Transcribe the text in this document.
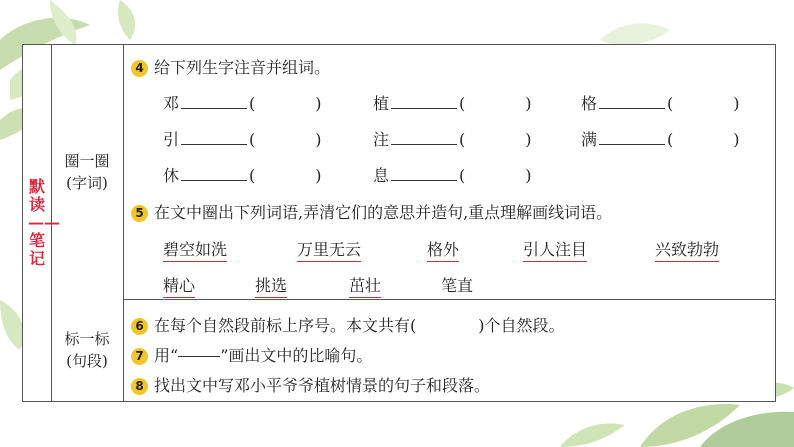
默读——笔记
圈一圈
(字词)
标一标
(句段)
4 给下列生字注音并组词。
邓	(	)	植	(	)	格	(	)
引	(	)	注	(	)	满	(	)
休	(	)	息	(	)
5 在文中圈出下列词语,弄清它们的意思并造句,重点理解画线词语。
碧空如洗	万里无云	格外	引人注目	兴致勃勃
精心	挑选	茁壮	笔直
6 在每个自然段前标上序号。本文共有(	)个自然段。
7 用“	”画出文中的比喻句。
8 找出文中写邓小平爷爷植树情景的句子和段落。
